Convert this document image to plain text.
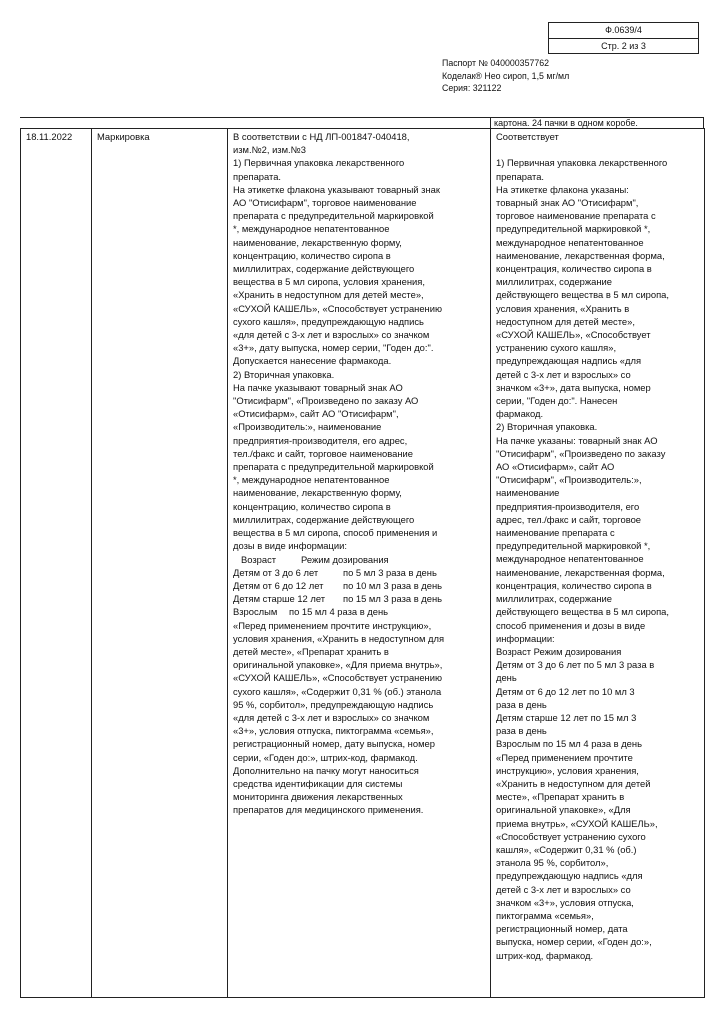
Ф.0639/4
Стр. 2 из 3
Паспорт № 040000357762
Коделак® Нео сироп, 1,5 мг/мл
Серия: 321122
картона. 24 пачки в одном коробе.
18.11.2022	Маркировка	В соответствии с НД ЛП-001847-040418,
изм.№2, изм.№3
1) Первичная упаковка лекарственного
препарата.
На этикетке флакона указывают товарный знак
АО "Отисифарм", торговое наименование
препарата с предупредительной маркировкой
*, международное непатентованное
наименование, лекарственную форму,
концентрацию, количество сиропа в
миллилитрах, содержание действующего
вещества в 5 мл сиропа, условия хранения,
«Хранить в недоступном для детей месте»,
«СУХОЙ КАШЕЛЬ», «Способствует устранению
сухого кашля», предупреждающую надпись
«для детей с 3-х лет и взрослых» со значком
«3+», дату выпуска, номер серии, "Годен до:".
Допускается нанесение фармакода.
2) Вторичная упаковка.
На пачке указывают товарный знак АО
"Отисифарм", «Произведено по заказу АО
«Отисифарм», сайт АО "Отисифарм",
«Производитель:», наименование
предприятия-производителя, его адрес,
тел./факс и сайт, торговое наименование
препарата с предупредительной маркировкой
*, международное непатентованное
наименование, лекарственную форму,
концентрацию, количество сиропа в
миллилитрах, содержание действующего
вещества в 5 мл сиропа, способ применения и
дозы в виде информации:
Возраст	Режим дозирования
Детям от 3 до 6 лет	по 5 мл 3 раза в день
Детям от 6 до 12 лет	по 10 мл 3 раза в день
Детям старше 12 лет	по 15 мл 3 раза в день
Взрослым	по 15 мл 4 раза в день
«Перед применением прочтите инструкцию»,
условия хранения, «Хранить в недоступном для
детей месте», «Препарат хранить в
оригинальной упаковке», «Для приема внутрь»,
«СУХОЙ КАШЕЛЬ», «Способствует устранению
сухого кашля», «Содержит 0,31 % (об.) этанола
95 %, сорбитол», предупреждающую надпись
«для детей с 3-х лет и взрослых» со значком
«3+», условия отпуска, пиктограмма «семья»,
регистрационный номер, дату выпуска, номер
серии, «Годен до:», штрих-код, фармакод.
Дополнительно на пачку могут наноситься
средства идентификации для системы
мониторинга движения лекарственных
препаратов для медицинского применения.

Соответствует
1) Первичная упаковка лекарственного
препарата.
На этикетке флакона указаны:
товарный знак АО "Отисифарм",
торговое наименование препарата с
предупредительной маркировкой *,
международное непатентованное
наименование, лекарственная форма,
концентрация, количество сиропа в
миллилитрах, содержание
действующего вещества в 5 мл сиропа,
условия хранения, «Хранить в
недоступном для детей месте»,
«СУХОЙ КАШЕЛЬ», «Способствует
устранению сухого кашля»,
предупреждающая надпись «для
детей с 3-х лет и взрослых» со
значком «3+», дата выпуска, номер
серии, "Годен до:". Нанесен
фармакод.
2) Вторичная упаковка.
На пачке указаны: товарный знак АО
"Отисифарм", «Произведено по заказу
АО «Отисифарм», сайт АО
"Отисифарм", «Производитель:»,
наименование
предприятия-производителя, его
адрес, тел./факс и сайт, торговое
наименование препарата с
предупредительной маркировкой *,
международное непатентованное
наименование, лекарственная форма,
концентрация, количество сиропа в
миллилитрах, содержание
действующего вещества в 5 мл сиропа,
способ применения и дозы в виде
информации:
Возраст Режим дозирования
Детям от 3 до 6 лет по 5 мл 3 раза в
день
Детям от 6 до 12 лет по 10 мл 3
раза в день
Детям старше 12 лет по 15 мл 3
раза в день
Взрослым по 15 мл 4 раза в день
«Перед применением прочтите
инструкцию», условия хранения,
«Хранить в недоступном для детей
месте», «Препарат хранить в
оригинальной упаковке», «Для
приема внутрь», «СУХОЙ КАШЕЛЬ»,
«Способствует устранению сухого
кашля», «Содержит 0,31 % (об.)
этанола 95 %, сорбитол»,
предупреждающую надпись «для
детей с 3-х лет и взрослых» со
значком «3+», условия отпуска,
пиктограмма «семья»,
регистрационный номер, дата
выпуска, номер серии, «Годен до:»,
штрих-код, фармакод.
